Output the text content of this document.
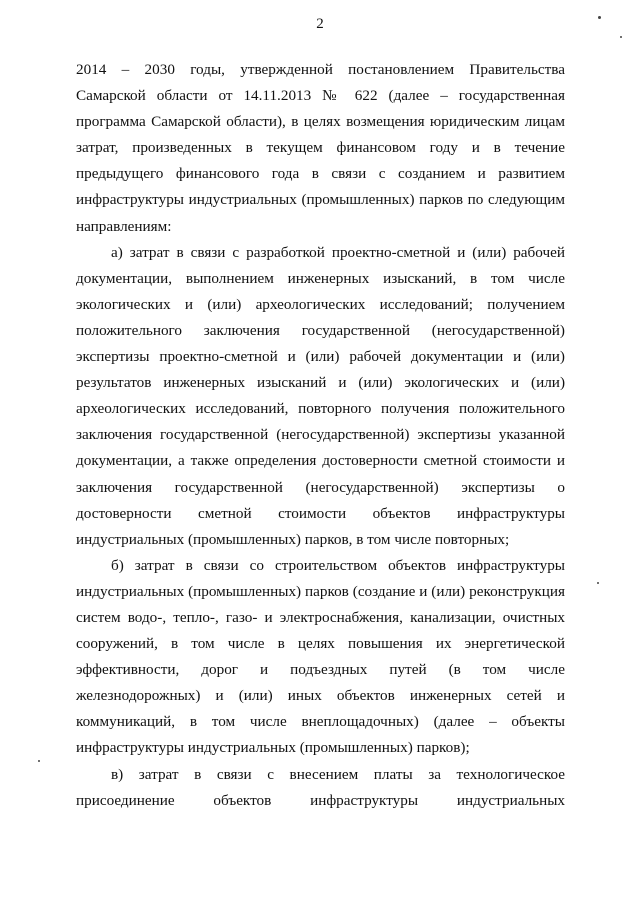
2

2014 – 2030 годы, утвержденной постановлением Правительства Самарской области от 14.11.2013 № 622 (далее – государственная программа Самарской области), в целях возмещения юридическим лицам затрат, произведенных в текущем финансовом году и в течение предыдущего финансового года в связи с созданием и развитием инфраструктуры индустриальных (промышленных) парков по следующим направлениям:

а) затрат в связи с разработкой проектно-сметной и (или) рабочей документации, выполнением инженерных изысканий, в том числе экологических и (или) археологических исследований; получением положительного заключения государственной (негосударственной) экспертизы проектно-сметной и (или) рабочей документации и (или) результатов инженерных изысканий и (или) экологических и (или) археологических исследований, повторного получения положительного заключения государственной (негосударственной) экспертизы указанной документации, а также определения достоверности сметной стоимости и заключения государственной (негосударственной) экспертизы о достоверности сметной стоимости объектов инфраструктуры индустриальных (промышленных) парков, в том числе повторных;

б) затрат в связи со строительством объектов инфраструктуры индустриальных (промышленных) парков (создание и (или) реконструкция систем водо-, тепло-, газо- и электроснабжения, канализации, очистных сооружений, в том числе в целях повышения их энергетической эффективности, дорог и подъездных путей (в том числе железнодорожных) и (или) иных объектов инженерных сетей и коммуникаций, в том числе внеплощадочных) (далее – объекты инфраструктуры индустриальных (промышленных) парков);

в) затрат в связи с внесением платы за технологическое присоединение объектов инфраструктуры индустриальных
